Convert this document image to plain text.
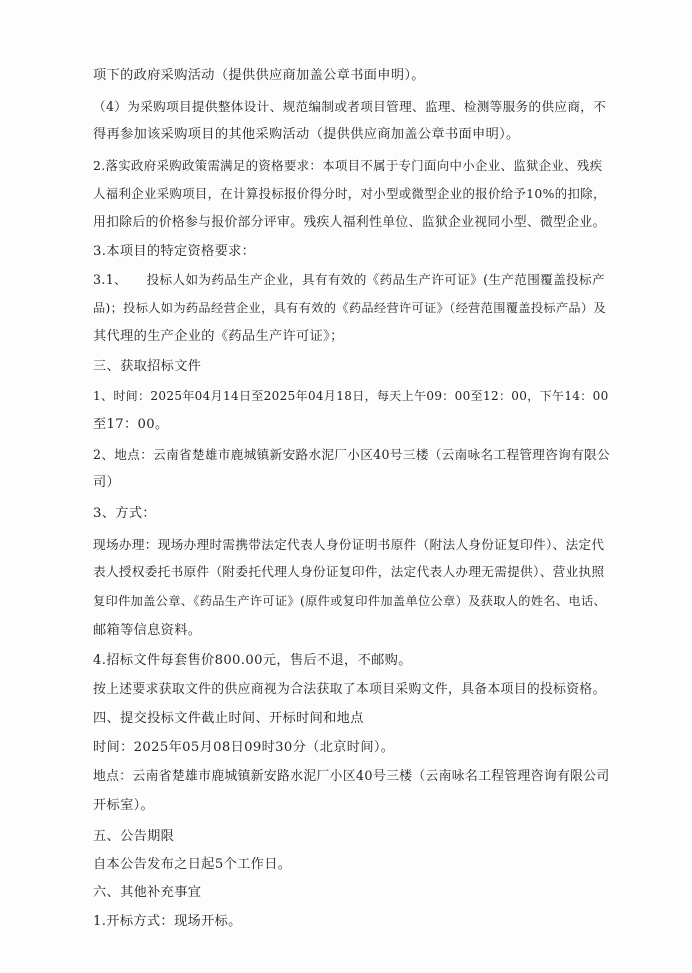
项下的政府采购活动（提供供应商加盖公章书面申明）。
（4）为采购项目提供整体设计、规范编制或者项目管理、监理、检测等服务的供应商，不
得再参加该采购项目的其他采购活动（提供供应商加盖公章书面申明）。
2.落实政府采购政策需满足的资格要求：本项目不属于专门面向中小企业、监狱企业、残疾
人福利企业采购项目，在计算投标报价得分时，对小型或微型企业的报价给予10%的扣除，
用扣除后的价格参与报价部分评审。残疾人福利性单位、监狱企业视同小型、微型企业。
3.本项目的特定资格要求：
3.1、　　投标人如为药品生产企业，具有有效的《药品生产许可证》(生产范围覆盖投标产
品)；投标人如为药品经营企业，具有有效的《药品经营许可证》（经营范围覆盖投标产品）及
其代理的生产企业的《药品生产许可证》；
三、获取招标文件
1、时间：2025年04月14日至2025年04月18日，每天上午09：00至12：00，下午14：00
至17：00。
2、地点：云南省楚雄市鹿城镇新安路水泥厂小区40号三楼（云南咏名工程管理咨询有限公
司）
3、方式：
现场办理：现场办理时需携带法定代表人身份证明书原件（附法人身份证复印件）、法定代
表人授权委托书原件（附委托代理人身份证复印件，法定代表人办理无需提供）、营业执照
复印件加盖公章、《药品生产许可证》(原件或复印件加盖单位公章）及获取人的姓名、电话、
邮箱等信息资料。
4.招标文件每套售价800.00元，售后不退，不邮购。
按上述要求获取文件的供应商视为合法获取了本项目采购文件，具备本项目的投标资格。
四、提交投标文件截止时间、开标时间和地点
时间：2025年05月08日09时30分（北京时间）。
地点：云南省楚雄市鹿城镇新安路水泥厂小区40号三楼（云南咏名工程管理咨询有限公司
开标室）。
五、公告期限
自本公告发布之日起5个工作日。
六、其他补充事宜
1.开标方式：现场开标。
